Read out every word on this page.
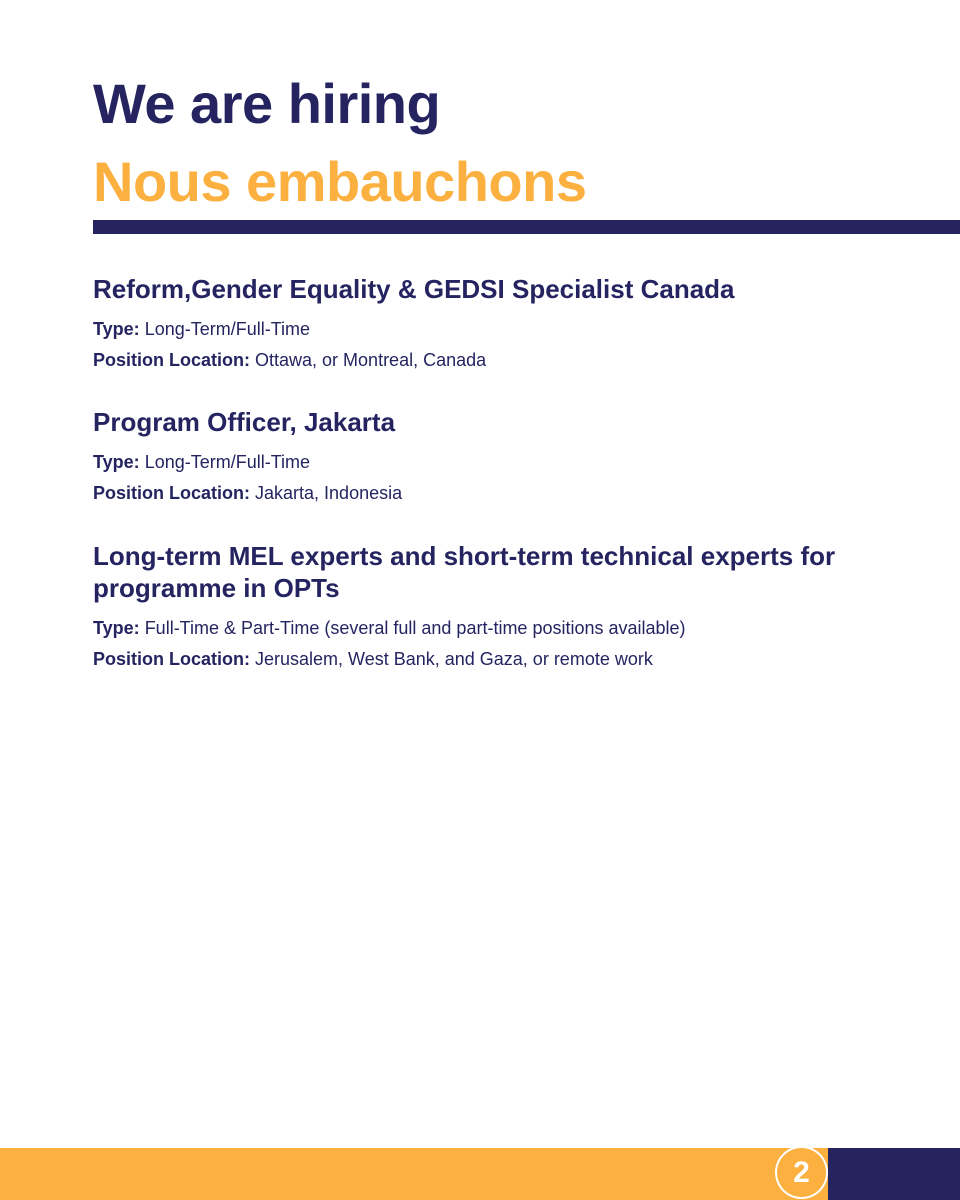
We are hiring
Nous embauchons
Reform,Gender Equality & GEDSI Specialist Canada

Type: Long-Term/Full-Time

Position Location: Ottawa, or Montreal, Canada

Program Officer, Jakarta

Type: Long-Term/Full-Time

Position Location: Jakarta, Indonesia

Long-term MEL experts and short-term technical experts for programme in OPTs

Type: Full-Time & Part-Time (several full and part-time positions available)

Position Location: Jerusalem, West Bank, and Gaza, or remote work

2
